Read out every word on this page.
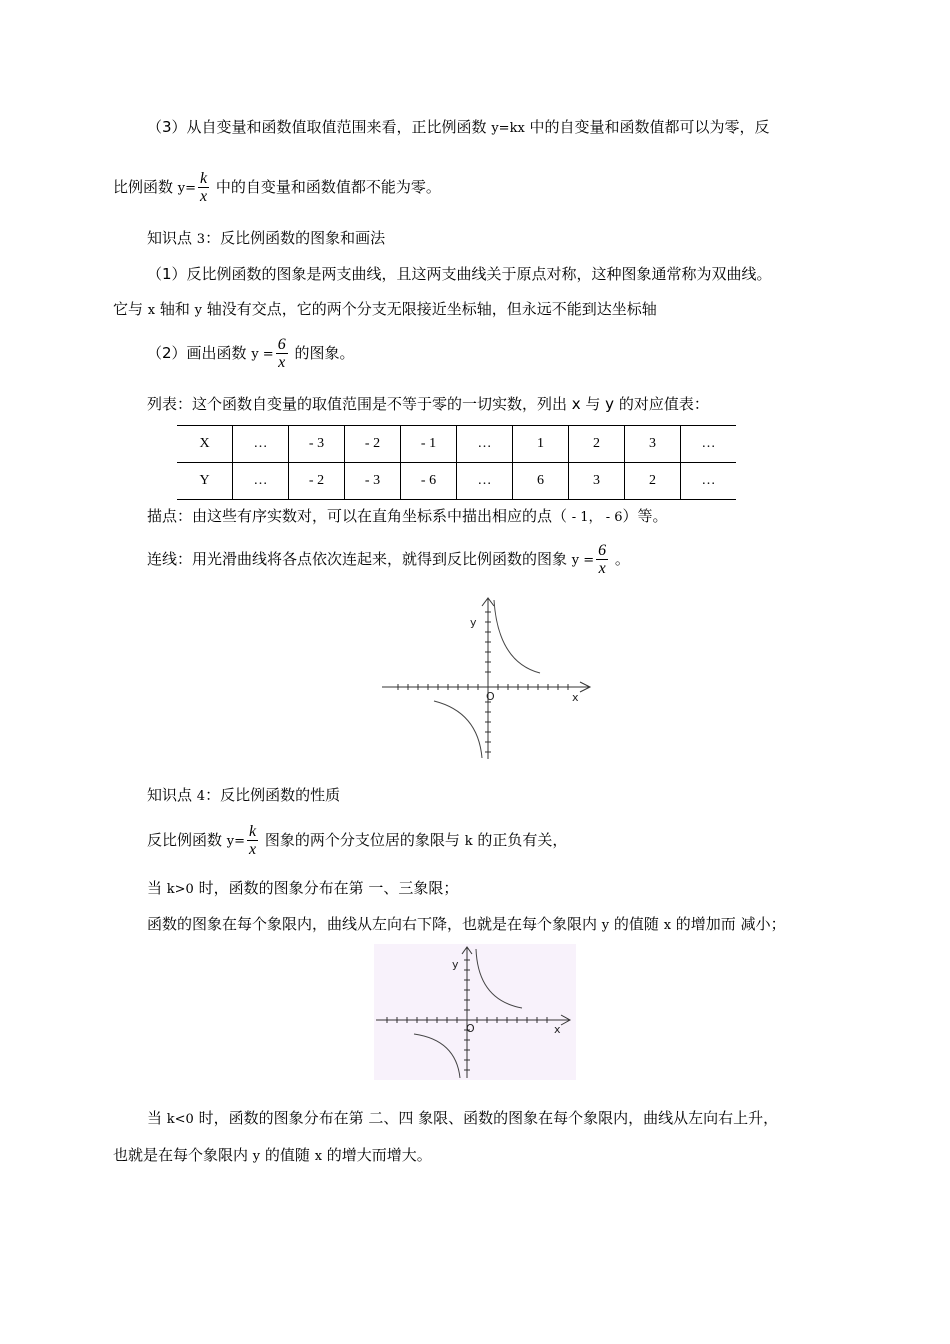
（3）从自变量和函数值取值范围来看，正比例函数 y=kx 中的自变量和函数值都可以为零，反
比例函数 $y= \frac{k}{x}$ 中的自变量和函数值都不能为零。
知识点 3：反比例函数的图象和画法
（1）反比例函数的图象是两支曲线，且这两支曲线关于原点对称，这种图象通常称为双曲线。
它与 x 轴和 y 轴没有交点，它的两个分支无限接近坐标轴，但永远不能到达坐标轴
（2）画出函数 $y = \frac{6}{x}$ 的图象。
列表：这个函数自变量的取值范围是不等于零的一切实数，列出 x 与 y 的对应值表：
X	…	- 3	- 2	- 1	…	1	2	3	…
Y	…	- 2	- 3	- 6	…	6	3	2	…
描点：由这些有序实数对，可以在直角坐标系中描出相应的点（ - 1， - 6）等。
连线：用光滑曲线将各点依次连起来，就得到反比例函数的图象 $y = \frac{6}{x}$ 。
y
x
O
知识点 4：反比例函数的性质
反比例函数 $y= \frac{k}{x}$ 图象的两个分支位居的象限与 k 的正负有关，
当 k>0 时，函数的图象分布在第 一、三象限；
函数的图象在每个象限内，曲线从左向右下降，也就是在每个象限内 y 的值随 x 的增加而 减小；
y
x
O
当 k<0 时，函数的图象分布在第 二、四 象限、函数的图象在每个象限内，曲线从左向右上升，
也就是在每个象限内 y 的值随 x 的增大而增大。
